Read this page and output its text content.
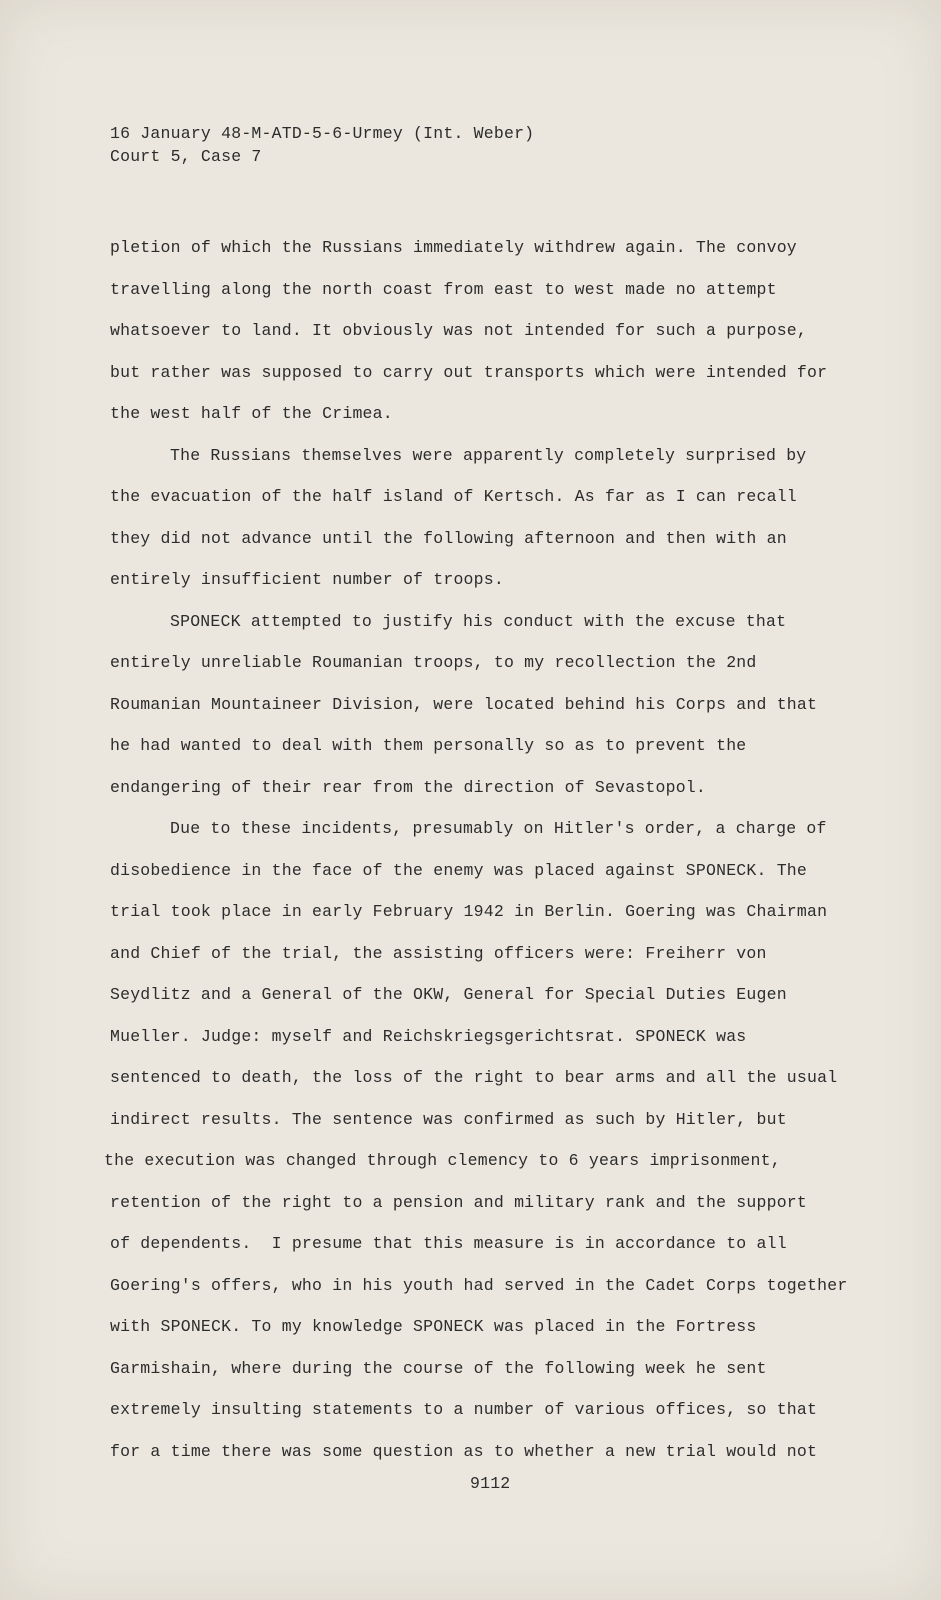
16 January 48-M-ATD-5-6-Urmey (Int. Weber)
Court 5, Case 7
pletion of which the Russians immediately withdrew again. The convoy
travelling along the north coast from east to west made no attempt
whatsoever to land. It obviously was not intended for such a purpose,
but rather was supposed to carry out transports which were intended for
the west half of the Crimea.
The Russians themselves were apparently completely surprised by
the evacuation of the half island of Kertsch. As far as I can recall
they did not advance until the following afternoon and then with an
entirely insufficient number of troops.
SPONECK attempted to justify his conduct with the excuse that
entirely unreliable Roumanian troops, to my recollection the 2nd
Roumanian Mountaineer Division, were located behind his Corps and that
he had wanted to deal with them personally so as to prevent the
endangering of their rear from the direction of Sevastopol.
Due to these incidents, presumably on Hitler's order, a charge of
disobedience in the face of the enemy was placed against SPONECK. The
trial took place in early February 1942 in Berlin. Goering was Chairman
and Chief of the trial, the assisting officers were: Freiherr von
Seydlitz and a General of the OKW, General for Special Duties Eugen
Mueller. Judge: myself and Reichskriegsgerichtsrat. SPONECK was
sentenced to death, the loss of the right to bear arms and all the usual
indirect results. The sentence was confirmed as such by Hitler, but
the execution was changed through clemency to 6 years imprisonment,
retention of the right to a pension and military rank and the support
of dependents.  I presume that this measure is in accordance to all
Goering's offers, who in his youth had served in the Cadet Corps together
with SPONECK. To my knowledge SPONECK was placed in the Fortress
Garmishain, where during the course of the following week he sent
extremely insulting statements to a number of various offices, so that
for a time there was some question as to whether a new trial would not
9112
